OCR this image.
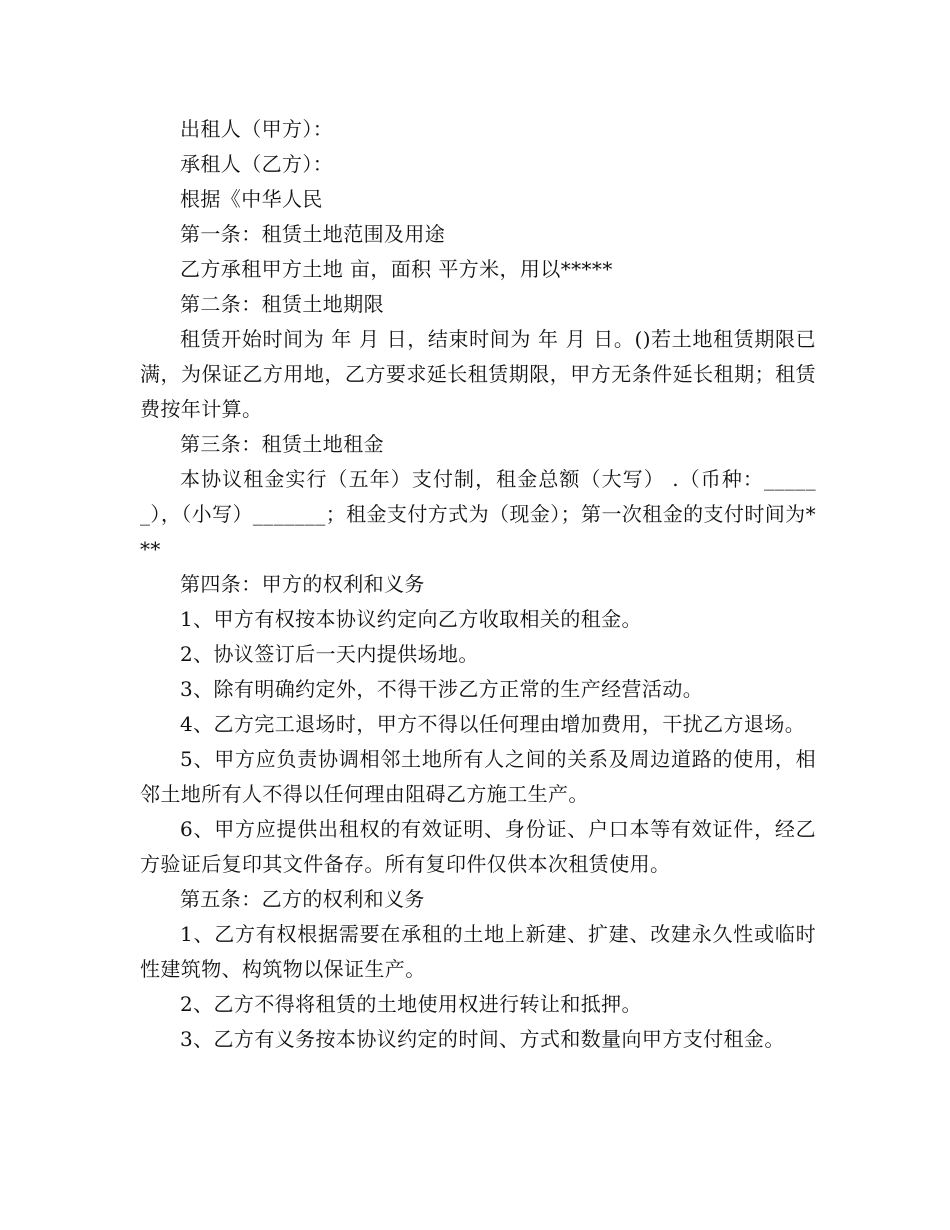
出租人（甲方）：

承租人（乙方）：

根据《中华人民

第一条：租赁土地范围及用途

乙方承租甲方土地 亩，面积 平方米，用以*****

第二条：租赁土地期限

租赁开始时间为 年 月 日，结束时间为 年 月 日。()若土地租赁期限已满，为保证乙方用地，乙方要求延长租赁期限，甲方无条件延长租期；租赁费按年计算。

第三条：租赁土地租金

本协议租金实行（五年）支付制，租金总额（大写） .（币种：______），（小写）_______；租金支付方式为（现金）；第一次租金的支付时间为***

第四条：甲方的权利和义务

1、甲方有权按本协议约定向乙方收取相关的租金。

2、协议签订后一天内提供场地。

3、除有明确约定外，不得干涉乙方正常的生产经营活动。

4、乙方完工退场时，甲方不得以任何理由增加费用，干扰乙方退场。

5、甲方应负责协调相邻土地所有人之间的关系及周边道路的使用，相邻土地所有人不得以任何理由阻碍乙方施工生产。

6、甲方应提供出租权的有效证明、身份证、户口本等有效证件，经乙方验证后复印其文件备存。所有复印件仅供本次租赁使用。

第五条：乙方的权利和义务

1、乙方有权根据需要在承租的土地上新建、扩建、改建永久性或临时性建筑物、构筑物以保证生产。

2、乙方不得将租赁的土地使用权进行转让和抵押。

3、乙方有义务按本协议约定的时间、方式和数量向甲方支付租金。
